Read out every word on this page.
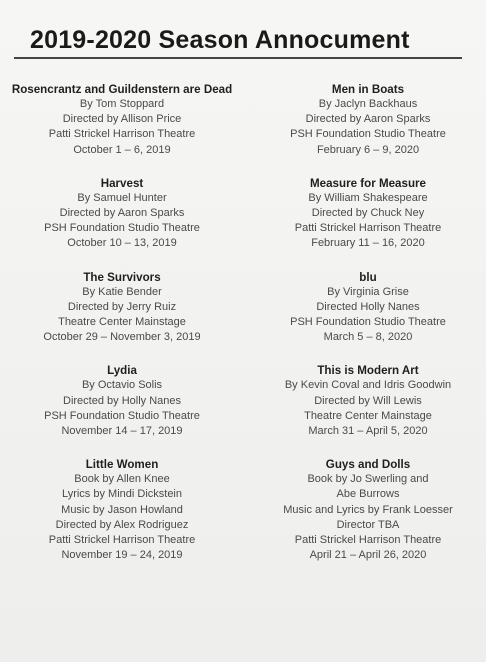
2019-2020 Season Annocument
Rosencrantz and Guildenstern are Dead
By Tom Stoppard
Directed by Allison Price
Patti Strickel Harrison Theatre
October 1 – 6, 2019
Harvest
By Samuel Hunter
Directed by Aaron Sparks
PSH Foundation Studio Theatre
October 10 – 13, 2019
The Survivors
By Katie Bender
Directed by Jerry Ruiz
Theatre Center Mainstage
October 29 – November 3, 2019
Lydia
By Octavio Solis
Directed by Holly Nanes
PSH Foundation Studio Theatre
November 14 – 17, 2019
Little Women
Book by Allen Knee
Lyrics by Mindi Dickstein
Music by Jason Howland
Directed by Alex Rodriguez
Patti Strickel Harrison Theatre
November 19 – 24, 2019
Men in Boats
By Jaclyn Backhaus
Directed by Aaron Sparks
PSH Foundation Studio Theatre
February 6 – 9, 2020
Measure for Measure
By William Shakespeare
Directed by Chuck Ney
Patti Strickel Harrison Theatre
February 11 – 16, 2020
blu
By Virginia Grise
Directed Holly Nanes
PSH Foundation Studio Theatre
March 5 – 8, 2020
This is Modern Art
By Kevin Coval and Idris Goodwin
Directed by Will Lewis
Theatre Center Mainstage
March 31 – April 5, 2020
Guys and Dolls
Book by Jo Swerling and
Abe Burrows
Music and Lyrics by Frank Loesser
Director TBA
Patti Strickel Harrison Theatre
April 21 – April 26, 2020
